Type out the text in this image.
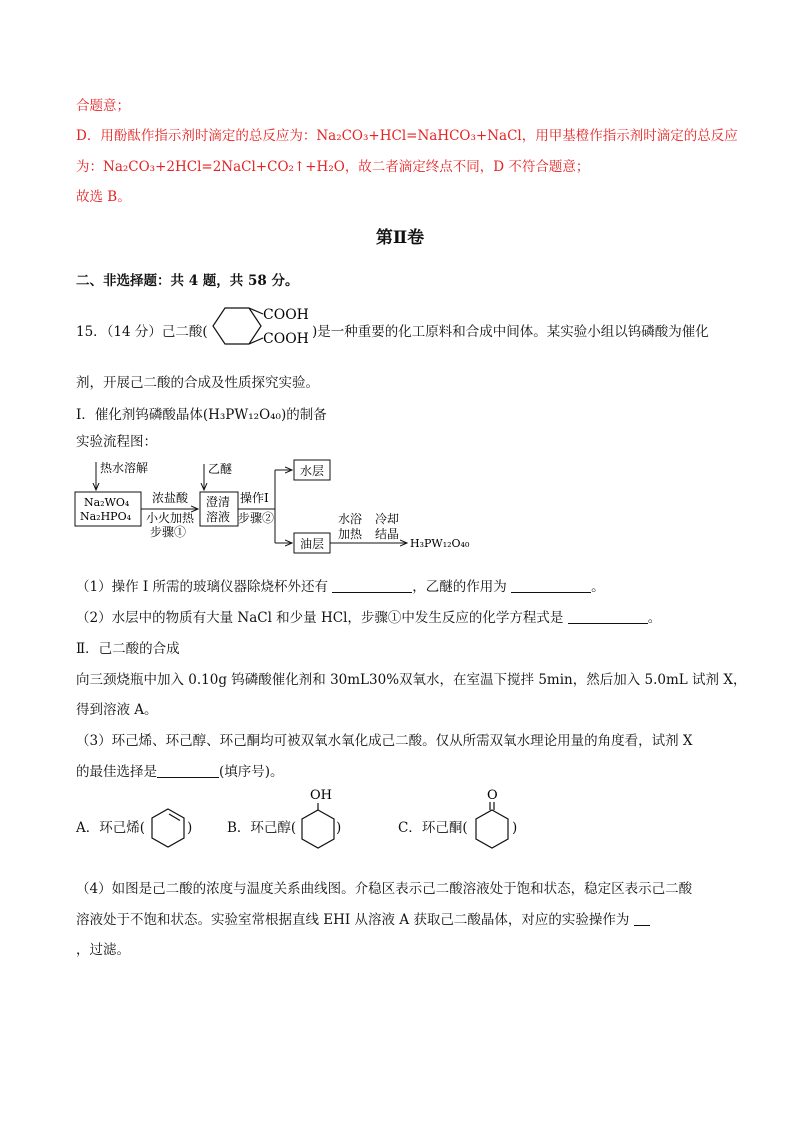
合题意；
D．用酚酞作指示剂时滴定的总反应为：Na₂CO₃+HCl=NaHCO₃+NaCl，用甲基橙作指示剂时滴定的总反应
为：Na₂CO₃+2HCl=2NaCl+CO₂↑+H₂O，故二者滴定终点不同，D 不符合题意；
故选 B。
第Ⅱ卷
二、非选择题：共 4 题，共 58 分。
15．（14 分）己二酸(
COOH
COOH )是一种重要的化工原料和合成中间体。某实验小组以钨磷酸为催化
剂，开展己二酸的合成及性质探究实验。
Ⅰ．催化剂钨磷酸晶体(H₃PW₁₂O₄₀)的制备
实验流程图：
热水溶解
Na₂WO₄
Na₂HPO₄
浓盐酸
小火加热
步骤①
乙醚
澄清
溶液
操作I
步骤②
水层
油层
水浴
加热
冷却
结晶
H₃PW₁₂O₄₀
（1）操作 I 所需的玻璃仪器除烧杯外还有	，乙醚的作用为	。
（2）水层中的物质有大量 NaCl 和少量 HCl，步骤①中发生反应的化学方程式是	。
Ⅱ．己二酸的合成
向三颈烧瓶中加入 0.10g 钨磷酸催化剂和 30mL30%双氧水，在室温下搅拌 5min，然后加入 5.0mL 试剂 X，
得到溶液 A。
（3）环己烯、环己醇、环己酮均可被双氧水氧化成己二酸。仅从所需双氧水理论用量的角度看，试剂 X
的最佳选择是	(填序号)。
A．环己烯(	)	B．环己醇(
OH
)	C．环己酮(
O
)
（4）如图是己二酸的浓度与温度关系曲线图。介稳区表示己二酸溶液处于饱和状态，稳定区表示己二酸
溶液处于不饱和状态。实验室常根据直线 EHI 从溶液 A 获取己二酸晶体，对应的实验操作为
，过滤。
